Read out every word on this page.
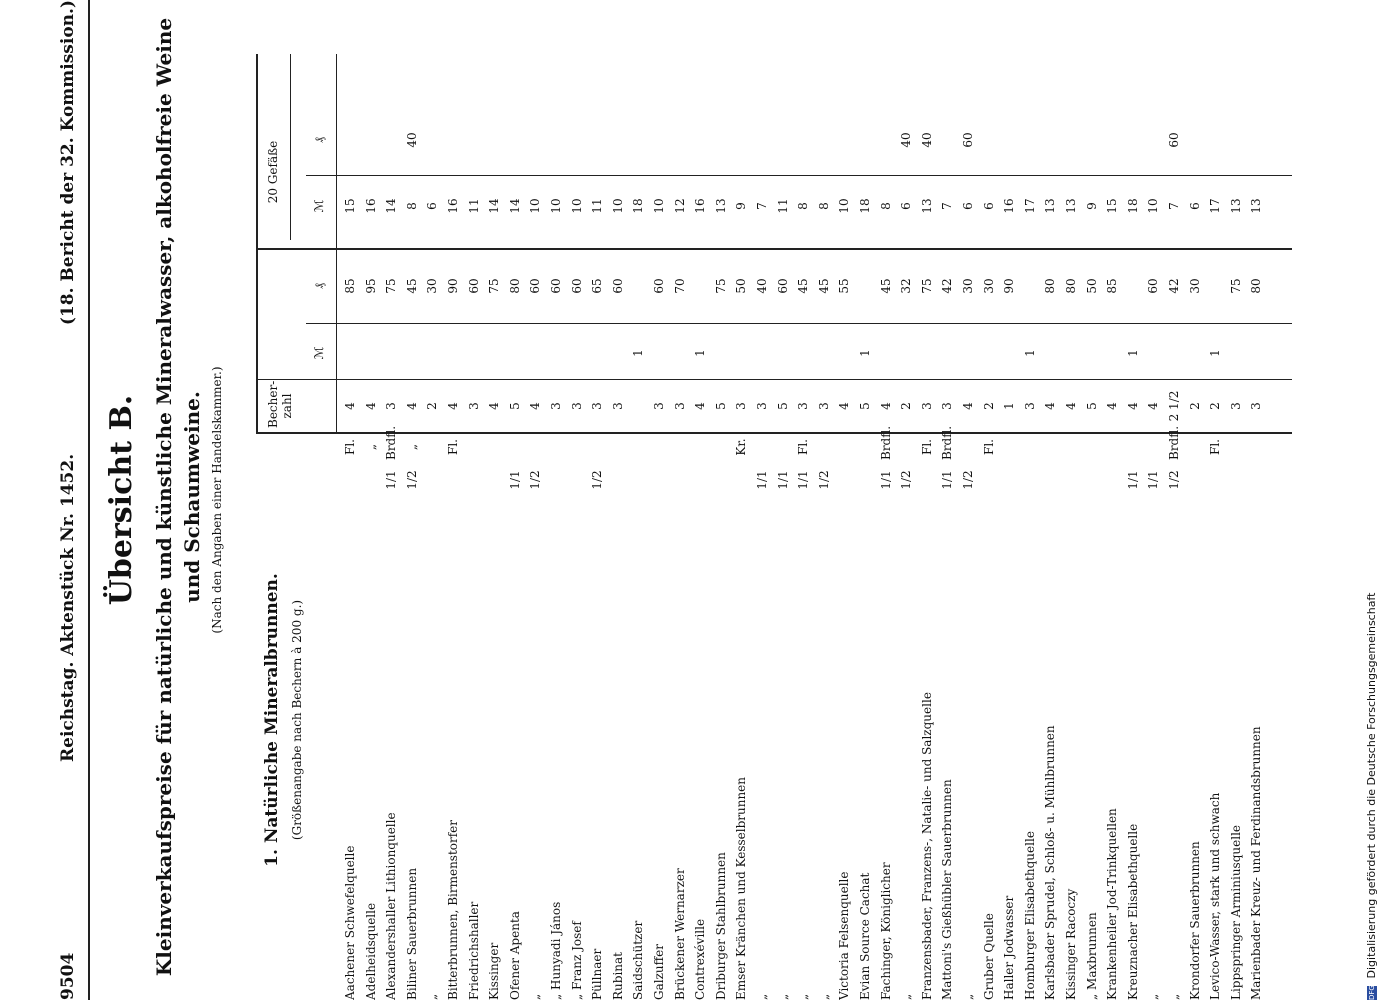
9504
Reichstag. Aktenstück Nr. 1452.
(18. Bericht der 32. Kommission.)
Übersicht B. Kleinverkaufspreise für natürliche und künstliche Mineralwasser, alkoholfreie Weine und Schaumweine. (Nach den Angaben einer Handelskammer.)
1. Natürliche Mineralbrunnen. (Größenangabe nach Bechern à 200 g.)
Becher-zahl
ℳ
₰
20 Gefäße
ℳ
₰
Aachener Schwefelquelle
Fl.
4
85
15
Adelheidsquelle
„
4
95
16
Alexandershaller Lithionquelle
1/1
Brdfl.
3
75
14
Biliner Sauerbrunnen
1/2
„
4
45
8
40
„
2
30
6
Bitterbrunnen, Birmenstorfer
Fl.
4
90
16
Friedrichshaller
3
60
11
Kissinger
4
75
14
Ofener Apenta
1/1
5
80
14
„
1/2
4
60
10
„ Hunyadi János
3
60
10
„ Franz Josef
3
60
10
Püllnaer
1/2
3
65
11
Rubinat
3
60
10
Saidschützer
1
18
Galzuffer
3
60
10
Brückener Wernarzer
3
70
12
Contrexéville
4
1
16
Driburger Stahlbrunnen
5
75
13
Emser Kränchen und Kesselbrunnen
Kr.
3
50
9
„
1/1
3
40
7
„
1/1
5
60
11
„
1/1
Fl.
3
45
8
„
1/2
3
45
8
Victoria Felsenquelle
4
55
10
Evian Source Cachat
5
1
18
Fachinger, Königlicher
1/1
Brdfl.
4
45
8
„
1/2
2
32
6
40
Franzensbader, Franzens-, Natalie- und Salzquelle
Fl.
3
75
13
40
Mattoni's Gießhübler Sauerbrunnen
1/1
Brdfl.
3
42
7
„
1/2
4
30
6
60
Gruber Quelle
Fl.
2
30
6
Haller Jodwasser
1
90
16
Homburger Elisabethquelle
3
1
17
Karlsbader Sprudel, Schloß- u. Mühlbrunnen
4
80
13
Kissinger Racoczy
4
80
13
„ Maxbrunnen
5
50
9
Krankenheiler Jod-Trinkquellen
4
85
15
Kreuznacher Elisabethquelle
1/1
4
1
18
„
1/1
4
60
10
„
1/2
Brdfl.
2 1/2
42
7
60
Krondorfer Sauerbrunnen
2
30
6
Levico-Wasser, stark und schwach
Fl.
2
1
17
Lippspringer Arminiusquelle
3
75
13
Marienbader Kreuz- und Ferdinandsbrunnen
3
80
13
DFG Digitalisierung gefördert durch die Deutsche Forschungsgemeinschaft
